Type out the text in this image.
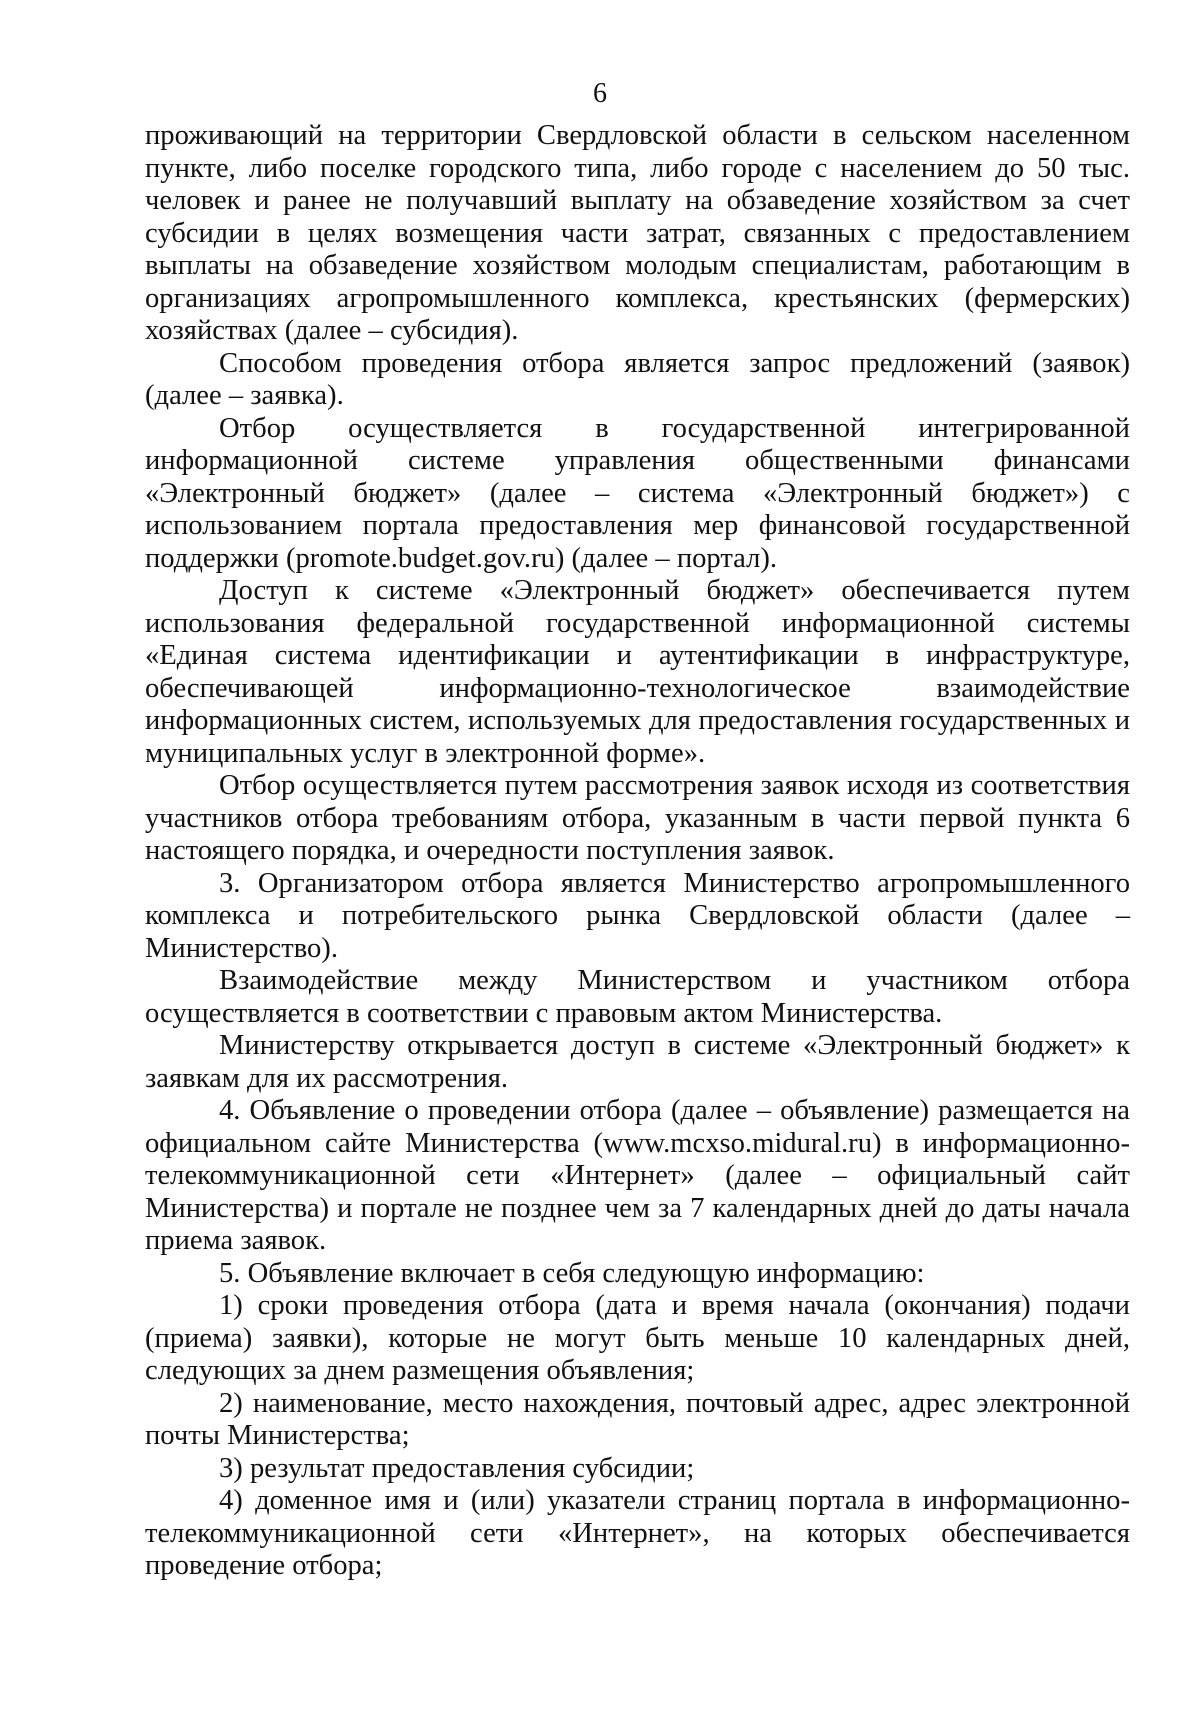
6

проживающий на территории Свердловской области в сельском населенном пункте, либо поселке городского типа, либо городе с населением до 50 тыс. человек и ранее не получавший выплату на обзаведение хозяйством за счет субсидии в целях возмещения части затрат, связанных с предоставлением выплаты на обзаведение хозяйством молодым специалистам, работающим в организациях агропромышленного комплекса, крестьянских (фермерских) хозяйствах (далее – субсидия).

Способом проведения отбора является запрос предложений (заявок) (далее – заявка).

Отбор осуществляется в государственной интегрированной информационной системе управления общественными финансами «Электронный бюджет» (далее – система «Электронный бюджет») с использованием портала предоставления мер финансовой государственной поддержки (promote.budget.gov.ru) (далее – портал).

Доступ к системе «Электронный бюджет» обеспечивается путем использования федеральной государственной информационной системы «Единая система идентификации и аутентификации в инфраструктуре, обеспечивающей информационно-технологическое взаимодействие информационных систем, используемых для предоставления государственных и муниципальных услуг в электронной форме».

Отбор осуществляется путем рассмотрения заявок исходя из соответствия участников отбора требованиям отбора, указанным в части первой пункта 6 настоящего порядка, и очередности поступления заявок.

3. Организатором отбора является Министерство агропромышленного комплекса и потребительского рынка Свердловской области (далее – Министерство).

Взаимодействие между Министерством и участником отбора осуществляется в соответствии с правовым актом Министерства.

Министерству открывается доступ в системе «Электронный бюджет» к заявкам для их рассмотрения.

4. Объявление о проведении отбора (далее – объявление) размещается на официальном сайте Министерства (www.mcxso.midural.ru) в информационно-телекоммуникационной сети «Интернет» (далее – официальный сайт Министерства) и портале не позднее чем за 7 календарных дней до даты начала приема заявок.

5. Объявление включает в себя следующую информацию:

1) сроки проведения отбора (дата и время начала (окончания) подачи (приема) заявки), которые не могут быть меньше 10 календарных дней, следующих за днем размещения объявления;

2) наименование, место нахождения, почтовый адрес, адрес электронной почты Министерства;

3) результат предоставления субсидии;

4) доменное имя и (или) указатели страниц портала в информационно-телекоммуникационной сети «Интернет», на которых обеспечивается проведение отбора;
